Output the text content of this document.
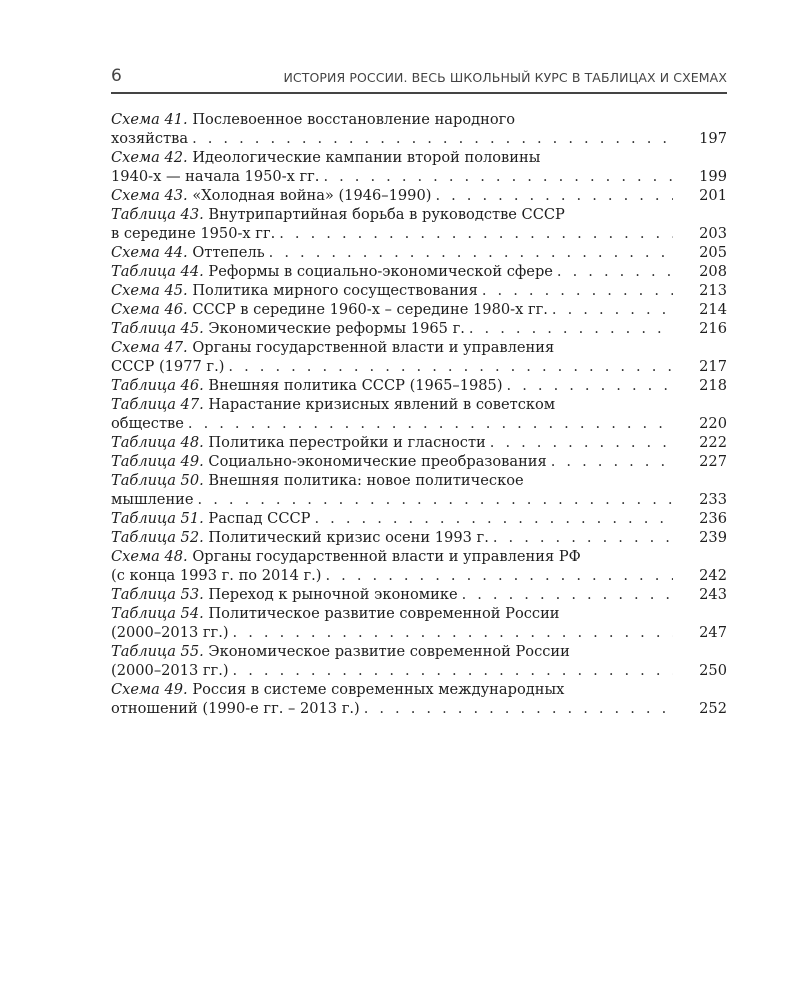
6	ИСТОРИЯ РОССИИ. ВЕСЬ ШКОЛЬНЫЙ КУРС В ТАБЛИЦАХ И СХЕМАХ
Схема 41. Послевоенное восстановление народного
хозяйства . . .	197
Схема 42. Идеологические кампании второй половины
1940-х — начала 1950-х гг. . . .	199
Схема 43. «Холодная война» (1946–1990) . . .	201
Таблица 43. Внутрипартийная борьба в руководстве СССР
в середине 1950-х гг. . . .	203
Схема 44. Оттепель . . .	205
Таблица 44. Реформы в социально-экономической сфере . . .	208
Схема 45. Политика мирного сосуществования . . .	213
Схема 46. СССР в середине 1960-х – середине 1980-х гг. . . .	214
Таблица 45. Экономические реформы 1965 г. . . .	216
Схема 47. Органы государственной власти и управления
СССР (1977 г.) . . .	217
Таблица 46. Внешняя политика СССР (1965–1985) . . .	218
Таблица 47. Нарастание кризисных явлений в советском
обществе . . .	220
Таблица 48. Политика перестройки и гласности . . .	222
Таблица 49. Социально-экономические преобразования . . .	227
Таблица 50. Внешняя политика: новое политическое
мышление . . .	233
Таблица 51. Распад СССР . . .	236
Таблица 52. Политический кризис осени 1993 г. . . .	239
Схема 48. Органы государственной власти и управления РФ
(с конца 1993 г. по 2014 г.) . . .	242
Таблица 53. Переход к рыночной экономике . . .	243
Таблица 54. Политическое развитие современной России
(2000–2013 гг.) . . .	247
Таблица 55. Экономическое развитие современной России
(2000–2013 гг.) . . .	250
Схема 49. Россия в системе современных международных
отношений (1990-е гг. – 2013 г.) . . .	252
